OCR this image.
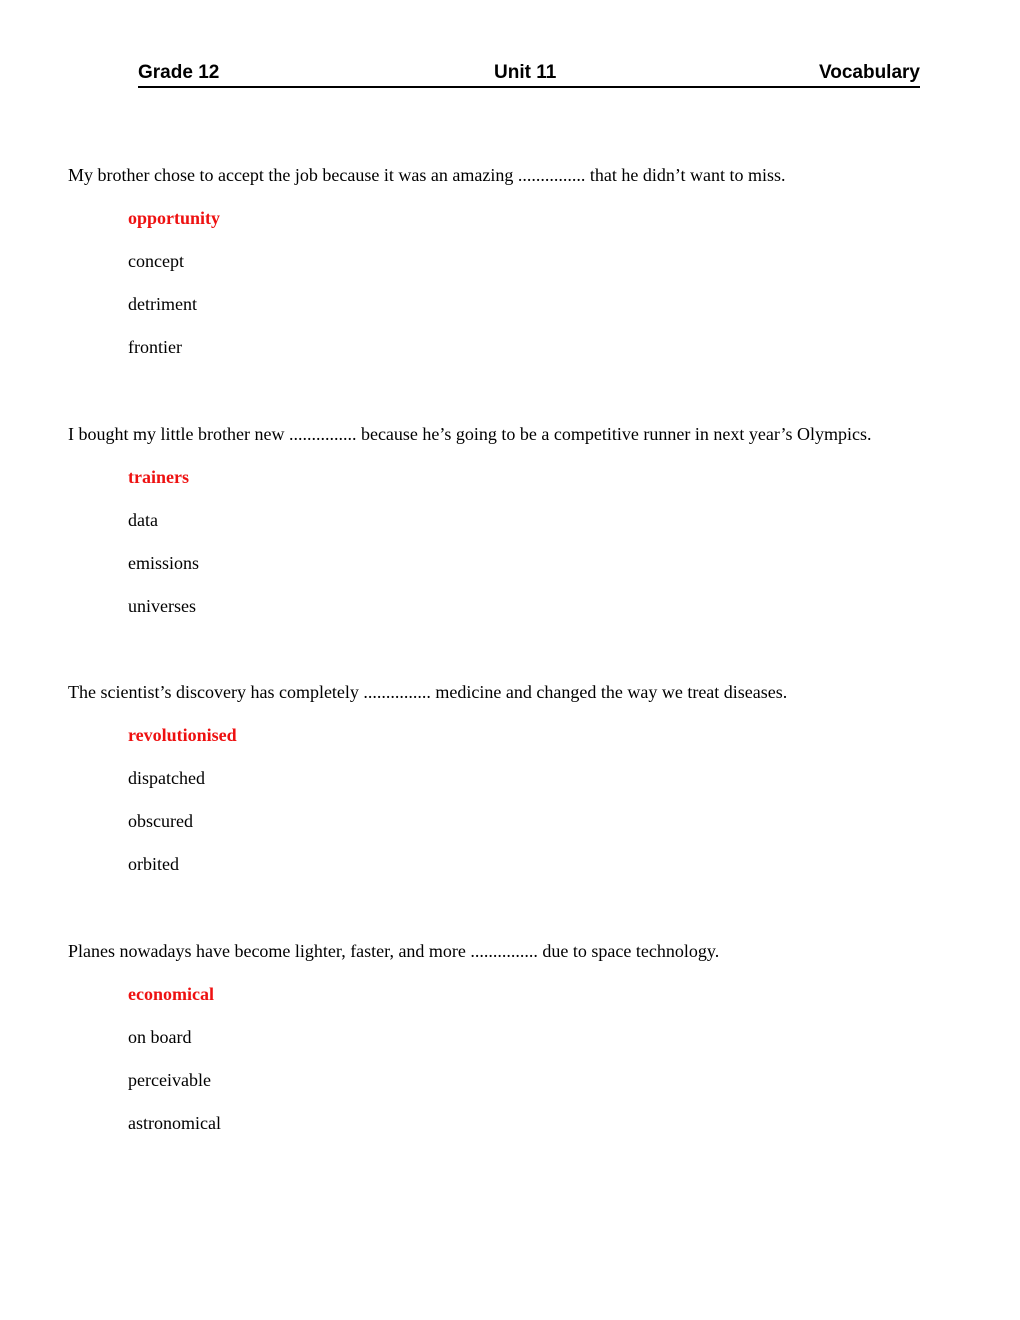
Grade 12	Unit 11	Vocabulary

My brother chose to accept the job because it was an amazing ............... that he didn’t want to miss.

opportunity
concept
detriment
frontier

I bought my little brother new ............... because he’s going to be a competitive runner in next year’s Olympics.

trainers
data
emissions
universes

The scientist’s discovery has completely ............... medicine and changed the way we treat diseases.

revolutionised
dispatched
obscured
orbited

Planes nowadays have become lighter, faster, and more ............... due to space technology.

economical
on board
perceivable
astronomical
